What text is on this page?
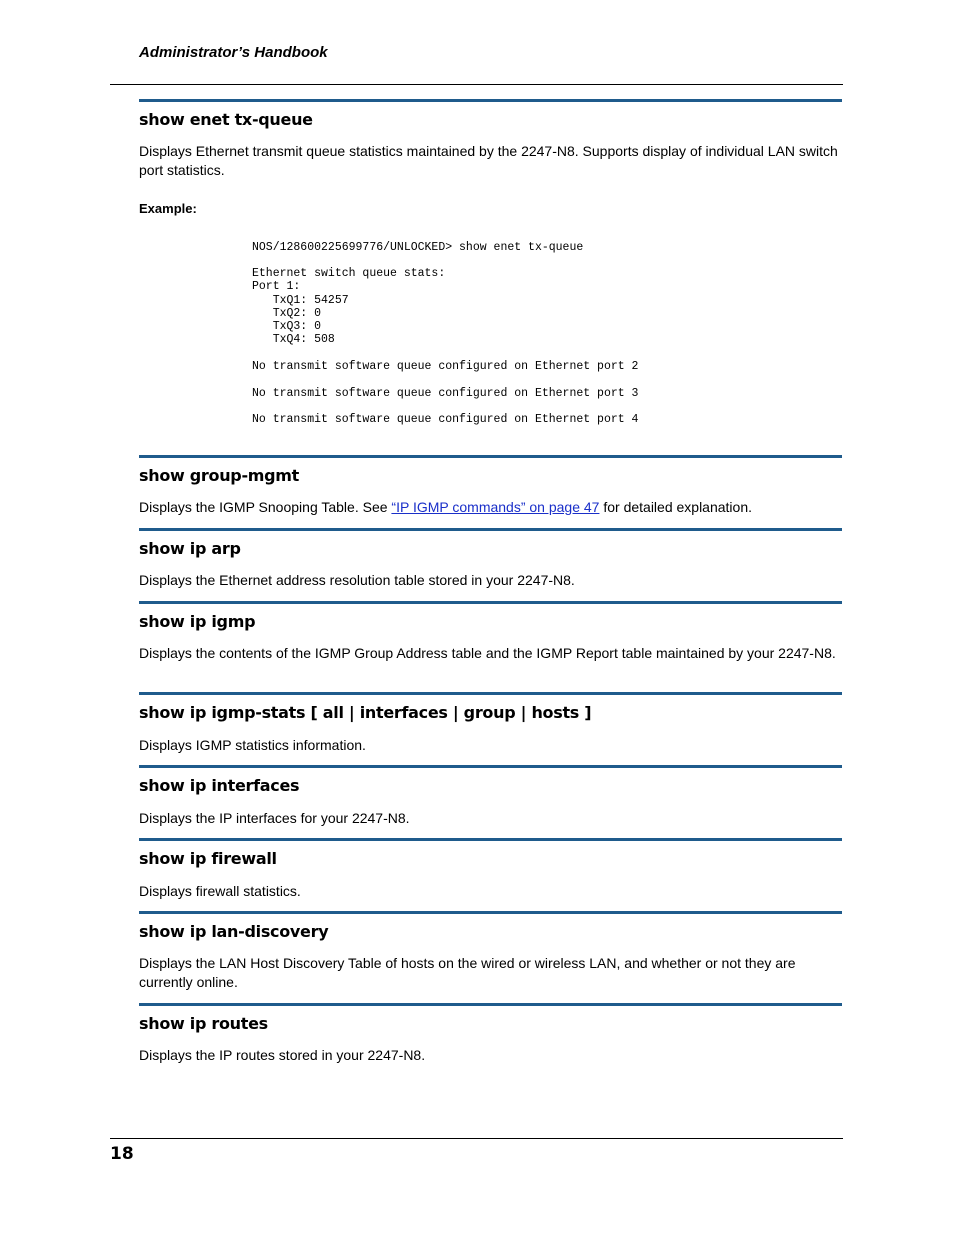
Administrator’s Handbook
show enet tx-queue
Displays Ethernet transmit queue statistics maintained by the 2247-N8. Supports display of individual LAN switch port statistics.
Example:
NOS/128600225699776/UNLOCKED> show enet tx-queue
Ethernet switch queue stats:
Port 1:
TxQ1: 54257
TxQ2: 0
TxQ3: 0
TxQ4: 508
No transmit software queue configured on Ethernet port 2
No transmit software queue configured on Ethernet port 3
No transmit software queue configured on Ethernet port 4
show group-mgmt
Displays the IGMP Snooping Table. See “IP IGMP commands” on page 47 for detailed explanation.
show ip arp
Displays the Ethernet address resolution table stored in your 2247-N8.
show ip igmp
Displays the contents of the IGMP Group Address table and the IGMP Report table maintained by your 2247-N8.
show ip igmp-stats [ all | interfaces | group | hosts ]
Displays IGMP statistics information.
show ip interfaces
Displays the IP interfaces for your 2247-N8.
show ip firewall
Displays firewall statistics.
show ip lan-discovery
Displays the LAN Host Discovery Table of hosts on the wired or wireless LAN, and whether or not they are currently online.
show ip routes
Displays the IP routes stored in your 2247-N8.
18
